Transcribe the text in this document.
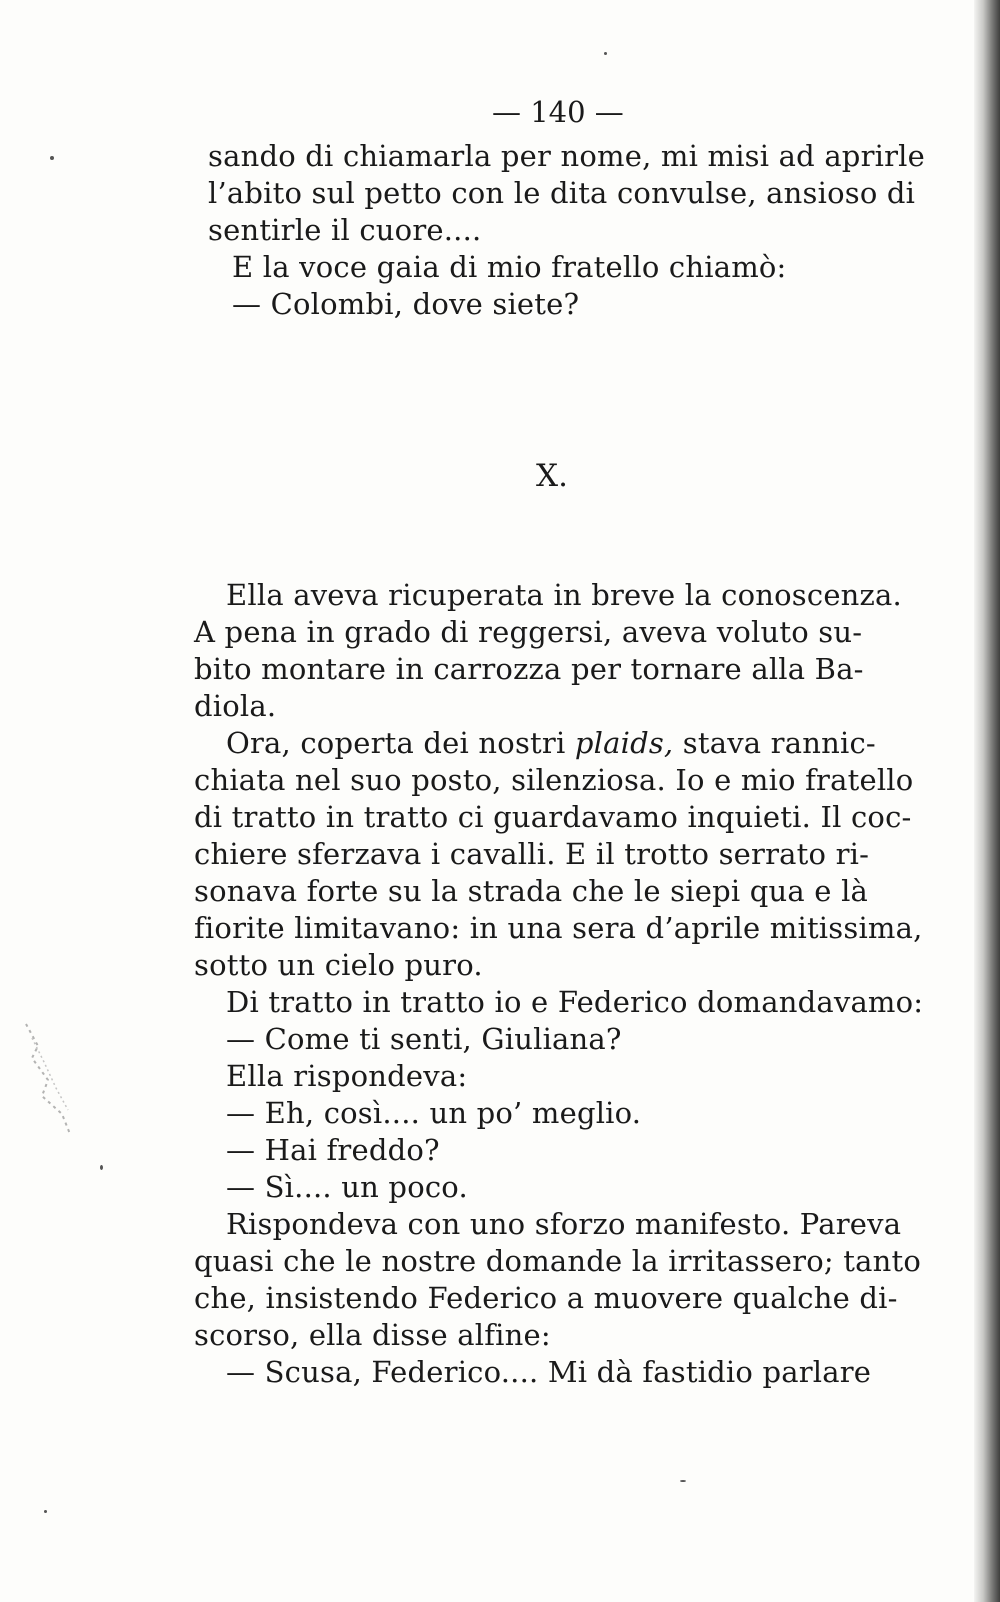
— 140 —
sando di chiamarla per nome, mi misi ad aprirle
l’abito sul petto con le dita convulse, ansioso di
sentirle il cuore....
E la voce gaia di mio fratello chiamò:
— Colombi, dove siete?
X.
Ella aveva ricuperata in breve la conoscenza.
A pena in grado di reggersi, aveva voluto su-
bito montare in carrozza per tornare alla Ba-
diola.
Ora, coperta dei nostri plaids, stava rannic-
chiata nel suo posto, silenziosa. Io e mio fratello
di tratto in tratto ci guardavamo inquieti. Il coc-
chiere sferzava i cavalli. E il trotto serrato ri-
sonava forte su la strada che le siepi qua e là
fiorite limitavano: in una sera d’aprile mitissima,
sotto un cielo puro.
Di tratto in tratto io e Federico domandavamo:
— Come ti senti, Giuliana?
Ella rispondeva:
— Eh, così.... un po’ meglio.
— Hai freddo?
— Sì.... un poco.
Rispondeva con uno sforzo manifesto. Pareva
quasi che le nostre domande la irritassero; tanto
che, insistendo Federico a muovere qualche di-
scorso, ella disse alfine:
— Scusa, Federico.... Mi dà fastidio parlare
